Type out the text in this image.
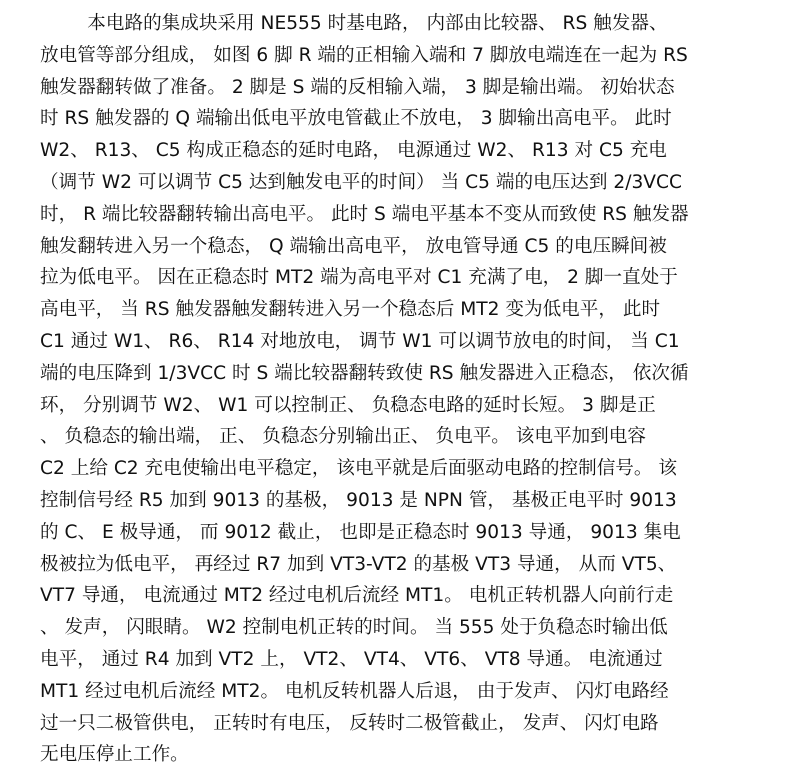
本电路的集成块采用 NE555 时基电路， 内部由比较器、 RS 触发器、
放电管等部分组成， 如图 6 脚 R 端的正相输入端和 7 脚放电端连在一起为 RS
触发器翻转做了准备。 2 脚是 S 端的反相输入端， 3 脚是输出端。 初始状态
时 RS 触发器的 Q 端输出低电平放电管截止不放电， 3 脚输出高电平。 此时
W2、 R13、 C5 构成正稳态的延时电路， 电源通过 W2、 R13 对 C5 充电
（调节 W2 可以调节 C5 达到触发电平的时间） 当 C5 端的电压达到 2/3VCC
时， R 端比较器翻转输出高电平。 此时 S 端电平基本不变从而致使 RS 触发器
触发翻转进入另一个稳态， Q 端输出高电平， 放电管导通 C5 的电压瞬间被
拉为低电平。 因在正稳态时 MT2 端为高电平对 C1 充满了电， 2 脚一直处于
高电平， 当 RS 触发器触发翻转进入另一个稳态后 MT2 变为低电平， 此时
C1 通过 W1、 R6、 R14 对地放电， 调节 W1 可以调节放电的时间， 当 C1
端的电压降到 1/3VCC 时 S 端比较器翻转致使 RS 触发器进入正稳态， 依次循
环， 分别调节 W2、 W1 可以控制正、 负稳态电路的延时长短。 3 脚是正
、 负稳态的输出端， 正、 负稳态分别输出正、 负电平。 该电平加到电容
C2 上给 C2 充电使输出电平稳定， 该电平就是后面驱动电路的控制信号。 该
控制信号经 R5 加到 9013 的基极， 9013 是 NPN 管， 基极正电平时 9013
的 C、 E 极导通， 而 9012 截止， 也即是正稳态时 9013 导通， 9013 集电
极被拉为低电平， 再经过 R7 加到 VT3-VT2 的基极 VT3 导通， 从而 VT5、
VT7 导通， 电流通过 MT2 经过电机后流经 MT1。 电机正转机器人向前行走
、 发声， 闪眼睛。 W2 控制电机正转的时间。 当 555 处于负稳态时输出低
电平， 通过 R4 加到 VT2 上， VT2、 VT4、 VT6、 VT8 导通。 电流通过
MT1 经过电机后流经 MT2。 电机反转机器人后退， 由于发声、 闪灯电路经
过一只二极管供电， 正转时有电压， 反转时二极管截止， 发声、 闪灯电路
无电压停止工作。
